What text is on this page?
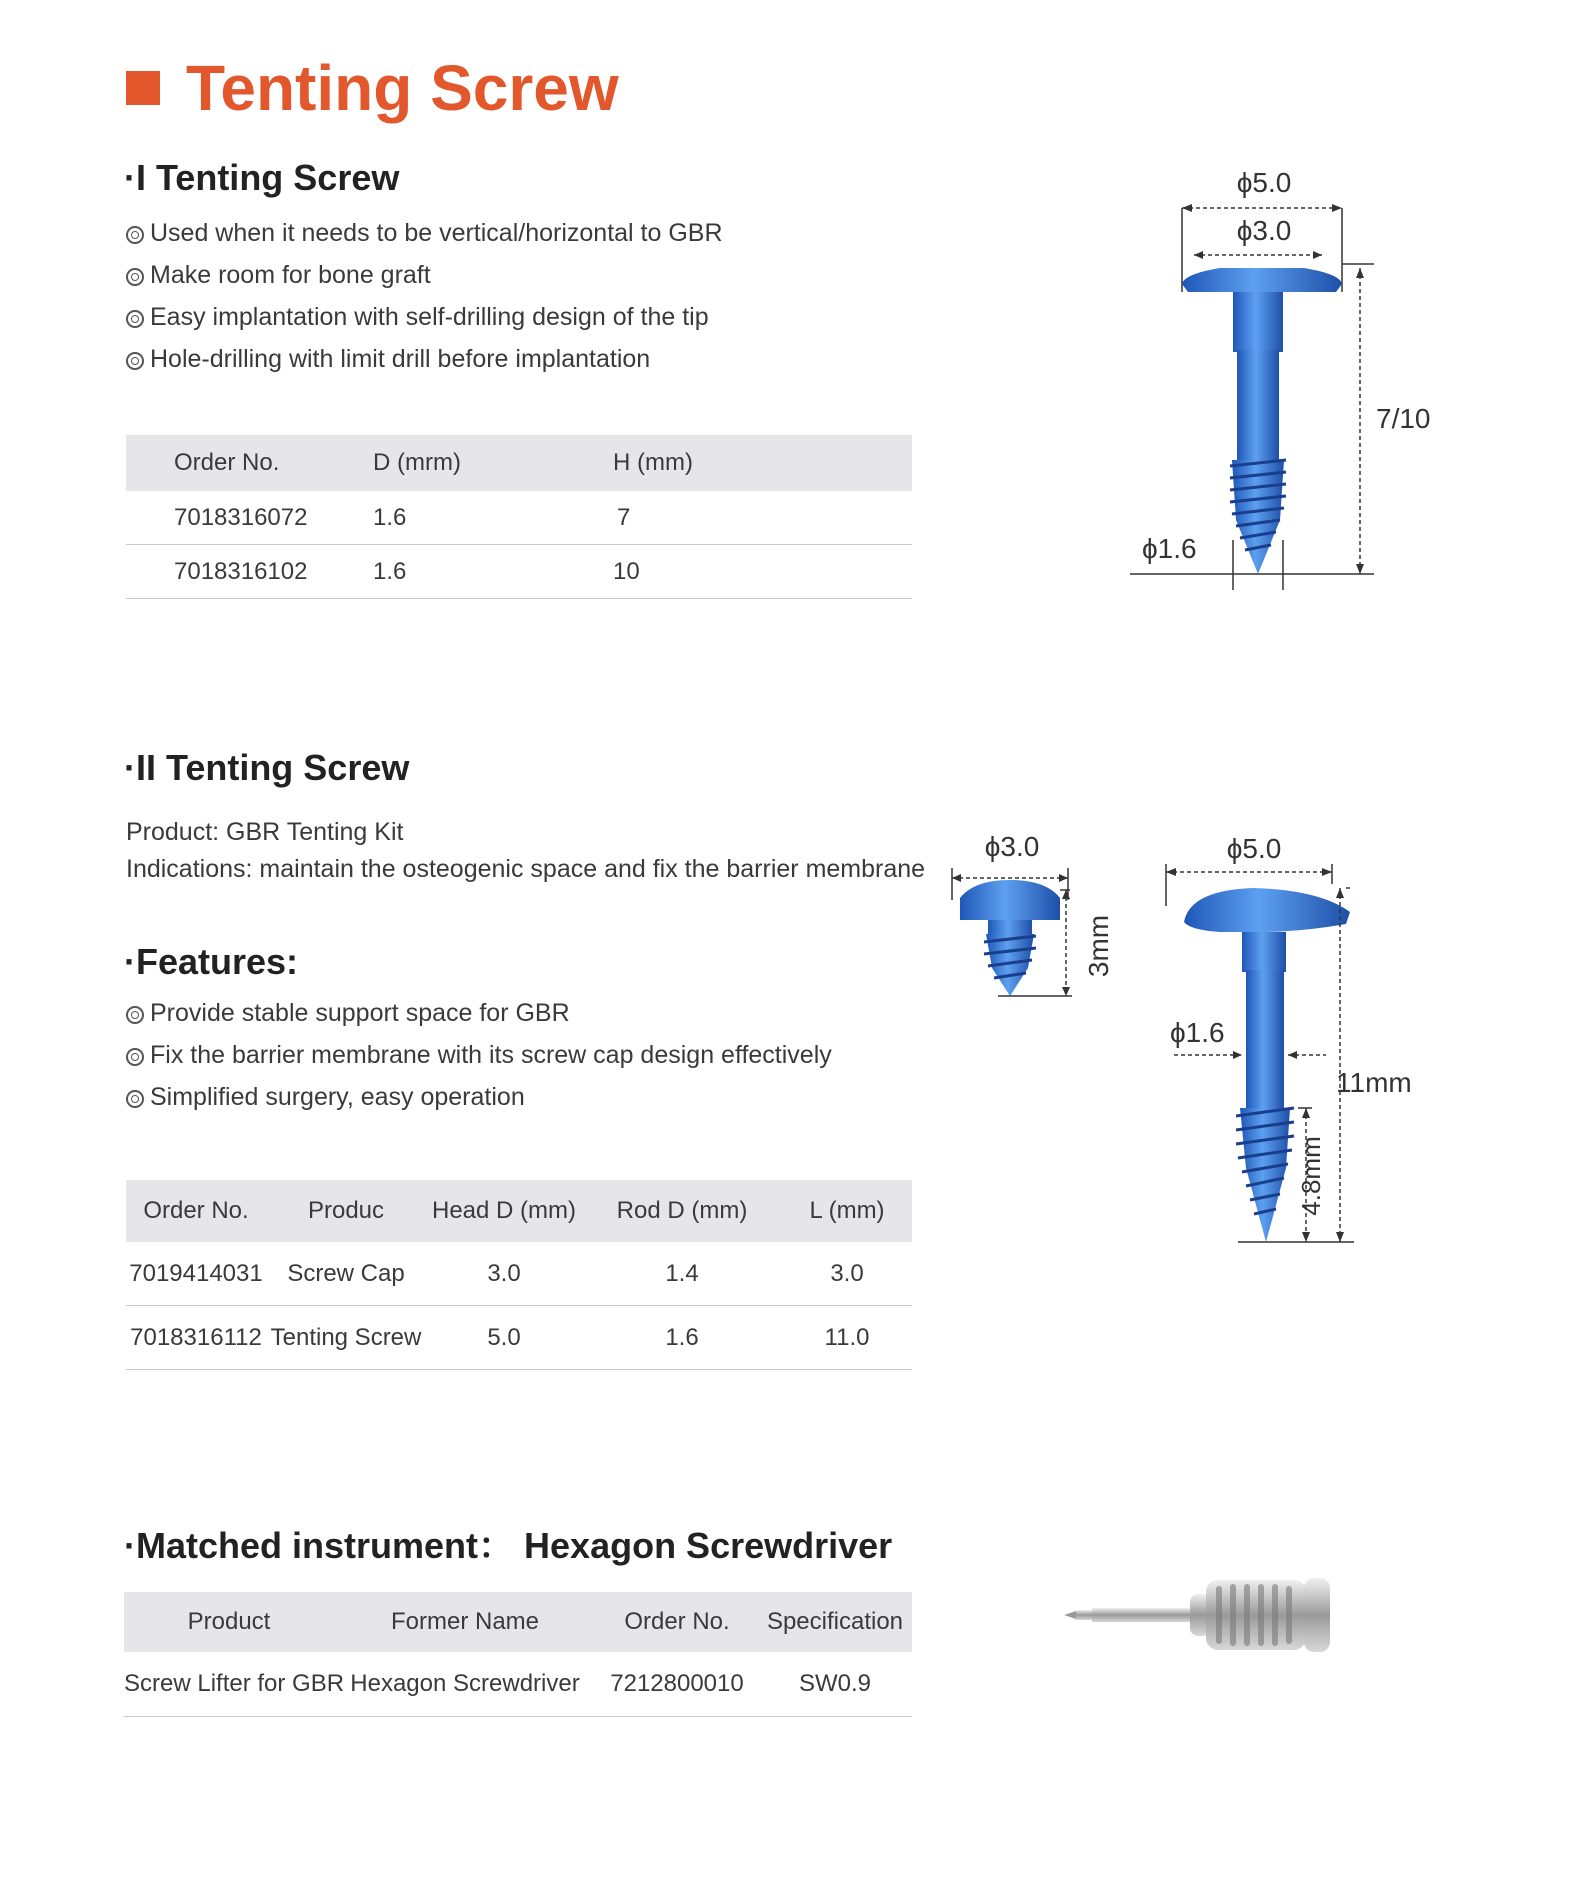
Tenting Screw
·I Tenting Screw
Used when it needs to be vertical/horizontal to GBR
Make room for bone graft
Easy implantation with self-drilling design of the tip
Hole-drilling with limit drill before implantation
Order No.	D (mrm)	H (mm)
7018316072	1.6	7
7018316102	1.6	10
ϕ5.0
ϕ3.0
7/10
ϕ1.6
·II Tenting Screw
Product: GBR Tenting Kit
Indications: maintain the osteogenic space and fix the barrier membrane
·Features:
Provide stable support space for GBR
Fix the barrier membrane with its screw cap design effectively
Simplified surgery, easy operation
Order No.	Produc	Head D (mm)	Rod D (mm)	L (mm)
7019414031	Screw Cap	3.0	1.4	3.0
7018316112	Tenting Screw	5.0	1.6	11.0
ϕ3.0
3mm
ϕ5.0
ϕ1.6
11mm
4.8mm
·Matched instrument： Hexagon Screwdriver
Product	Former Name	Order No.	Specification
Screw Lifter for GBR	Hexagon Screwdriver	7212800010	SW0.9
